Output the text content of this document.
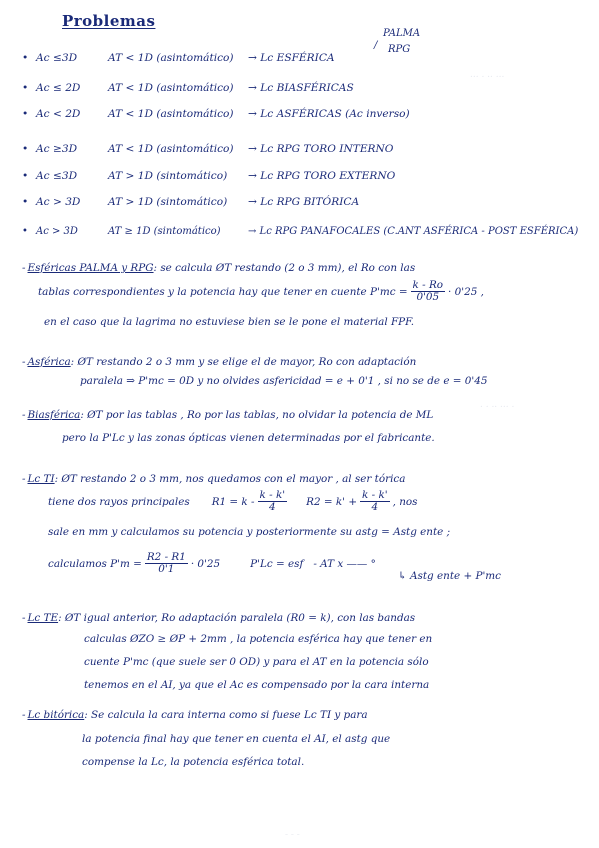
Problemas
PALMA
/ RPG
• Ac ≤3D	AT < 1D (asintomático)	→ Lc ESFÉRICA
• Ac ≤ 2D	AT < 1D (asintomático)	→ Lc BIASFÉRICAS
• Ac < 2D	AT < 1D (asintomático)	→ Lc ASFÉRICAS (Ac inverso)
• Ac ≥3D	AT < 1D (asintomático)	→ Lc RPG TORO INTERNO
• Ac ≤3D	AT > 1D (sintomático)	→ Lc RPG TORO EXTERNO
• Ac > 3D	AT > 1D (sintomático)	→ Lc RPG BITÓRICA
• Ac > 3D	AT ≥ 1D (sintomático)	→ Lc RPG PANAFOCALES (C.ANT ASFÉRICA - POST ESFÉRICA)
- Esféricas PALMA y RPG: se calcula ØT restando (2 o 3 mm), el Ro con las
tablas correspondientes y la potencia hay que tener en cuente $P'mc = \frac{k - Ro}{0'05} \cdot 0'25$ ,
en el caso que la lagrima no estuviese bien se le pone el material FPF.
- Asférica: ØT restando 2 o 3 mm y se elige el de mayor, Ro con adaptación
paralela ⇒ P'mc = 0D y no olvides asfericidad = e + 0'1 , si no se de e = 0'45
- Biasférica: ØT por las tablas , Ro por las tablas, no olvidar la potencia de ML
pero la P'Lc y las zonas ópticas vienen determinadas por el fabricante.
- Lc TI: ØT restando 2 o 3 mm, nos quedamos con el mayor , al ser tórica
tiene dos rayos principales $R1 = k - \frac{k - k'}{4} R2 = k' + \frac{k - k'}{4}$ , nos
sale en mm y calculamos su potencia y posteriormente su astg = Astg ente ;
calculamos $P'm = \frac{R2 - R1}{0'1} \cdot 0'25$	P'Lc = esf - AT x —— °
↳ Astg ente + P'mc
- Lc TE: ØT igual anterior, Ro adaptación paralela (R0 = k), con las bandas
calculas ØZO ≥ ØP + 2mm , la potencia esférica hay que tener en
cuente P'mc (que suele ser 0 OD) y para el AT en la potencia sólo
tenemos en el AI, ya que el Ac es compensado por la cara interna
- Lc bitórica: Se calcula la cara interna como si fuese Lc TI y para
la potencia final hay que tener en cuenta el AI, el astg que
compense la Lc, la potencia esférica total.
... . .. ...
. . .. ... .
- - -
